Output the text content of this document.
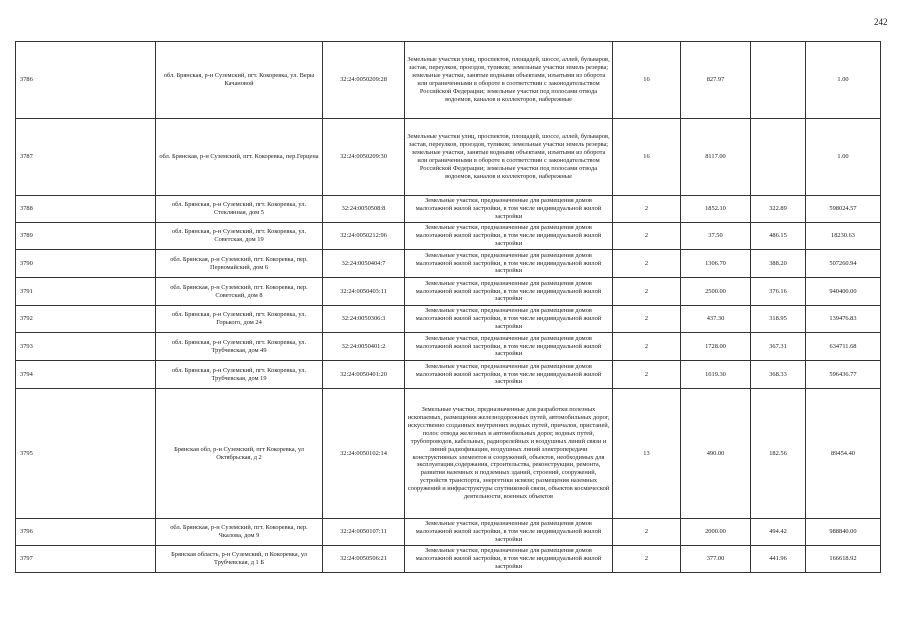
242
3786	обл. Брянская, р-н Суземский, пгт. Кокоревка, ул. Веры Качановой	32:24:0050209:28	Земельные участки улиц, проспектов, площадей, шоссе, аллей, бульваров, застав, переулков, проездов, тупиков; земельные участки земель резерва; земельные участки, занятые водными объектами, изъятыми из оборота или ограниченными в обороте в соответствии с законодательством Российской Федерации; земельные участки под полосами отвода водоемов, каналов и коллекторов, набережные	16	827.97		1.00
3787	обл. Брянская, р-н Суземский, пгт. Кокоревка, пер.Герцена	32:24:0050209:30	Земельные участки улиц, проспектов, площадей, шоссе, аллей, бульваров, застав, переулков, проездов, тупиков; земельные участки земель резерва; земельные участки, занятые водными объектами, изъятыми из оборота или ограниченными в обороте в соответствии с законодательством Российской Федерации; земельные участки под полосами отвода водоемов, каналов и коллекторов, набережные	16	8117.00		1.00
3788	обл. Брянская, р-н Суземский, пгт. Кокоревка, ул. Стеклянная, дом 5	32:24:0050508:8	Земельные участки, предназначенные для размещения домов малоэтажной жилой застройки, в том числе индивидуальной жилой застройки	2	1852.10	322.89	598024.57
3789	обл. Брянская, р-н Суземский, пгт. Кокоревка, ул. Советская, дом 19	32:24:0050212:96	Земельные участки, предназначенные для размещения домов малоэтажной жилой застройки, в том числе индивидуальной жилой застройки	2	37.50	486.15	18230.63
3790	обл. Брянская, р-н Суземский, пгт. Кокоревка, пер. Первомайский, дом 6	32:24:0050404:7	Земельные участки, предназначенные для размещения домов малоэтажной жилой застройки, в том числе индивидуальной жилой застройки	2	1306.70	388.20	507260.94
3791	обл. Брянская, р-н Суземский, пгт. Кокоревка, пер. Советский, дом 8	32:24:0050403:11	Земельные участки, предназначенные для размещения домов малоэтажной жилой застройки, в том числе индивидуальной жилой застройки	2	2500.00	376.16	940400.00
3792	обл. Брянская, р-н Суземский, пгт. Кокоревка, ул. Горького, дом 24	32:24:0050306:3	Земельные участки, предназначенные для размещения домов малоэтажной жилой застройки, в том числе индивидуальной жилой застройки	2	437.30	318.95	139476.83
3793	обл. Брянская, р-н Суземский, пгт. Кокоревка, ул. Трубчевская, дом 49	32:24:0050401:2	Земельные участки, предназначенные для размещения домов малоэтажной жилой застройки, в том числе индивидуальной жилой застройки	2	1728.00	367.31	634711.68
3794	обл. Брянская, р-н Суземский, пгт. Кокоревка, ул. Трубчевская, дом 19	32:24:0050401:20	Земельные участки, предназначенные для размещения домов малоэтажной жилой застройки, в том числе индивидуальной жилой застройки	2	1619.30	368.33	596436.77
3795	Брянская обл, р-н Суземский, пгт Кокоревка, ул Октябрьская, д 2	32:24:0050102:14	Земельные участки, предназначенные для разработки полезных ископаемых, размещения железнодорожных путей, автомобильных дорог, искусственно созданных внутренних водных путей, причалов, пристаней, полос отвода железных и автомобильных дорог, водных путей, трубопроводов, кабельных, радиорелейных и воздушных линий связи и линий радиофикации, воздушных линий электропередачи конструктивных элементов и сооружений, объектов, необходимых для эксплуатации,содержания, строительства, реконструкции, ремонта, развития наземных и подземных зданий, строений, сооружений, устройств транспорта, энергетики исвязи; размещения наземных сооружений и инфраструктуры спутниковой связи, объектов космической деятельности, военных объектов	13	490.00	182.56	89454.40
3796	обл. Брянская, р-н Суземский, пгт. Кокоревка, пер. Чкалова, дом 9	32:24:0050107:11	Земельные участки, предназначенные для размещения домов малоэтажной жилой застройки, в том числе индивидуальной жилой застройки	2	2000.00	494.42	988840.00
3797	Брянская область, р-н Суземский, п Кокоревка, ул Трубчевская, д 1 Б	32:24:0050506:21	Земельные участки, предназначенные для размещения домов малоэтажной жилой застройки, в том числе индивидуальной жилой застройки	2	377.00	441.96	166618.92
